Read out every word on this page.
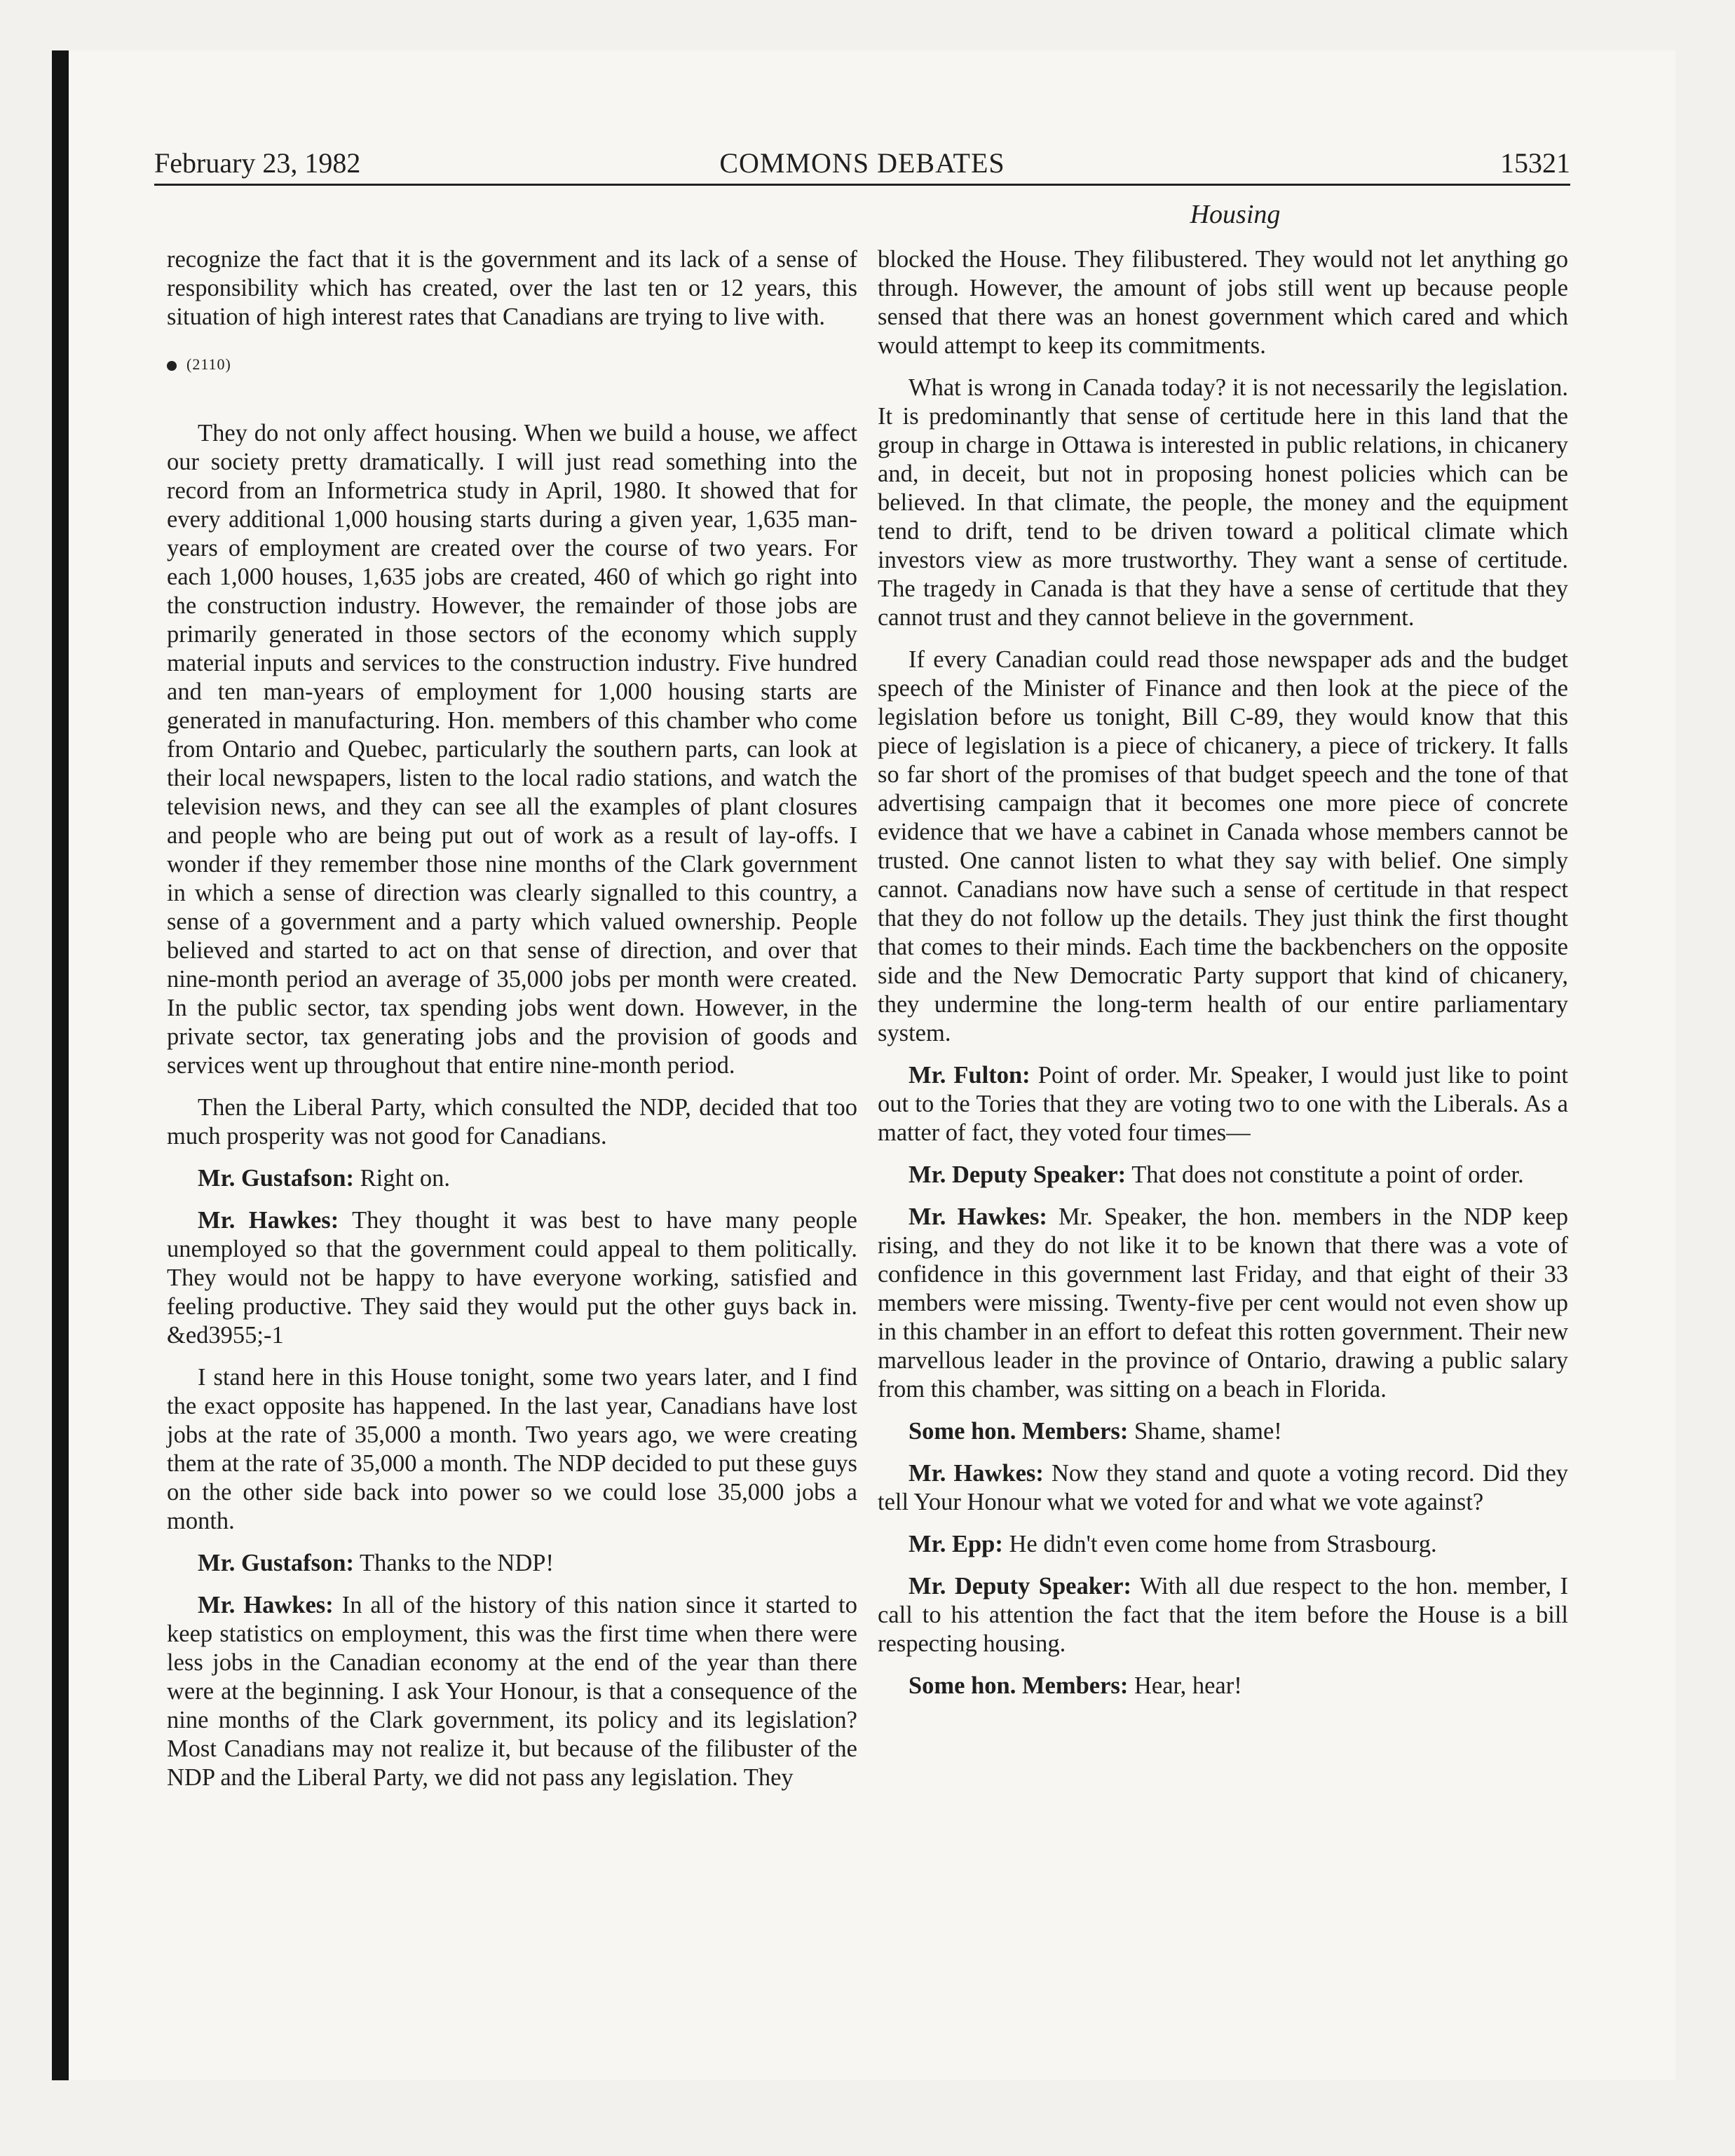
February 23, 1982	COMMONS DEBATES	15321
Housing

recognize the fact that it is the government and its lack of a sense of responsibility which has created, over the last ten or 12 years, this situation of high interest rates that Canadians are trying to live with.

(2110)

They do not only affect housing. When we build a house, we affect our society pretty dramatically. I will just read something into the record from an Informetrica study in April, 1980. It showed that for every additional 1,000 housing starts during a given year, 1,635 man-years of employment are created over the course of two years. For each 1,000 houses, 1,635 jobs are created, 460 of which go right into the construction industry. However, the remainder of those jobs are primarily generated in those sectors of the economy which supply material inputs and services to the construction industry. Five hundred and ten man-years of employment for 1,000 housing starts are generated in manufacturing. Hon. members of this chamber who come from Ontario and Quebec, particularly the southern parts, can look at their local newspapers, listen to the local radio stations, and watch the television news, and they can see all the examples of plant closures and people who are being put out of work as a result of lay-offs. I wonder if they remember those nine months of the Clark government in which a sense of direction was clearly signalled to this country, a sense of a government and a party which valued ownership. People believed and started to act on that sense of direction, and over that nine-month period an average of 35,000 jobs per month were created. In the public sector, tax spending jobs went down. However, in the private sector, tax generating jobs and the provision of goods and services went up throughout that entire nine-month period.

Then the Liberal Party, which consulted the NDP, decided that too much prosperity was not good for Canadians.

Mr. Gustafson: Right on.

Mr. Hawkes: They thought it was best to have many people unemployed so that the government could appeal to them politically. They would not be happy to have everyone working, satisfied and feeling productive. They said they would put the other guys back in. &ed3955;-1

I stand here in this House tonight, some two years later, and I find the exact opposite has happened. In the last year, Canadians have lost jobs at the rate of 35,000 a month. Two years ago, we were creating them at the rate of 35,000 a month. The NDP decided to put these guys on the other side back into power so we could lose 35,000 jobs a month.

Mr. Gustafson: Thanks to the NDP!

Mr. Hawkes: In all of the history of this nation since it started to keep statistics on employment, this was the first time when there were less jobs in the Canadian economy at the end of the year than there were at the beginning. I ask Your Honour, is that a consequence of the nine months of the Clark government, its policy and its legislation? Most Canadians may not realize it, but because of the filibuster of the NDP and the Liberal Party, we did not pass any legislation. They

blocked the House. They filibustered. They would not let anything go through. However, the amount of jobs still went up because people sensed that there was an honest government which cared and which would attempt to keep its commitments.

What is wrong in Canada today? it is not necessarily the legislation. It is predominantly that sense of certitude here in this land that the group in charge in Ottawa is interested in public relations, in chicanery and, in deceit, but not in proposing honest policies which can be believed. In that climate, the people, the money and the equipment tend to drift, tend to be driven toward a political climate which investors view as more trustworthy. They want a sense of certitude. The tragedy in Canada is that they have a sense of certitude that they cannot trust and they cannot believe in the government.

If every Canadian could read those newspaper ads and the budget speech of the Minister of Finance and then look at the piece of the legislation before us tonight, Bill C-89, they would know that this piece of legislation is a piece of chicanery, a piece of trickery. It falls so far short of the promises of that budget speech and the tone of that advertising campaign that it becomes one more piece of concrete evidence that we have a cabinet in Canada whose members cannot be trusted. One cannot listen to what they say with belief. One simply cannot. Canadians now have such a sense of certitude in that respect that they do not follow up the details. They just think the first thought that comes to their minds. Each time the backbenchers on the opposite side and the New Democratic Party support that kind of chicanery, they undermine the long-term health of our entire parliamentary system.

Mr. Fulton: Point of order. Mr. Speaker, I would just like to point out to the Tories that they are voting two to one with the Liberals. As a matter of fact, they voted four times—

Mr. Deputy Speaker: That does not constitute a point of order.

Mr. Hawkes: Mr. Speaker, the hon. members in the NDP keep rising, and they do not like it to be known that there was a vote of confidence in this government last Friday, and that eight of their 33 members were missing. Twenty-five per cent would not even show up in this chamber in an effort to defeat this rotten government. Their new marvellous leader in the province of Ontario, drawing a public salary from this chamber, was sitting on a beach in Florida.

Some hon. Members: Shame, shame!

Mr. Hawkes: Now they stand and quote a voting record. Did they tell Your Honour what we voted for and what we vote against?

Mr. Epp: He didn't even come home from Strasbourg.

Mr. Deputy Speaker: With all due respect to the hon. member, I call to his attention the fact that the item before the House is a bill respecting housing.

Some hon. Members: Hear, hear!
